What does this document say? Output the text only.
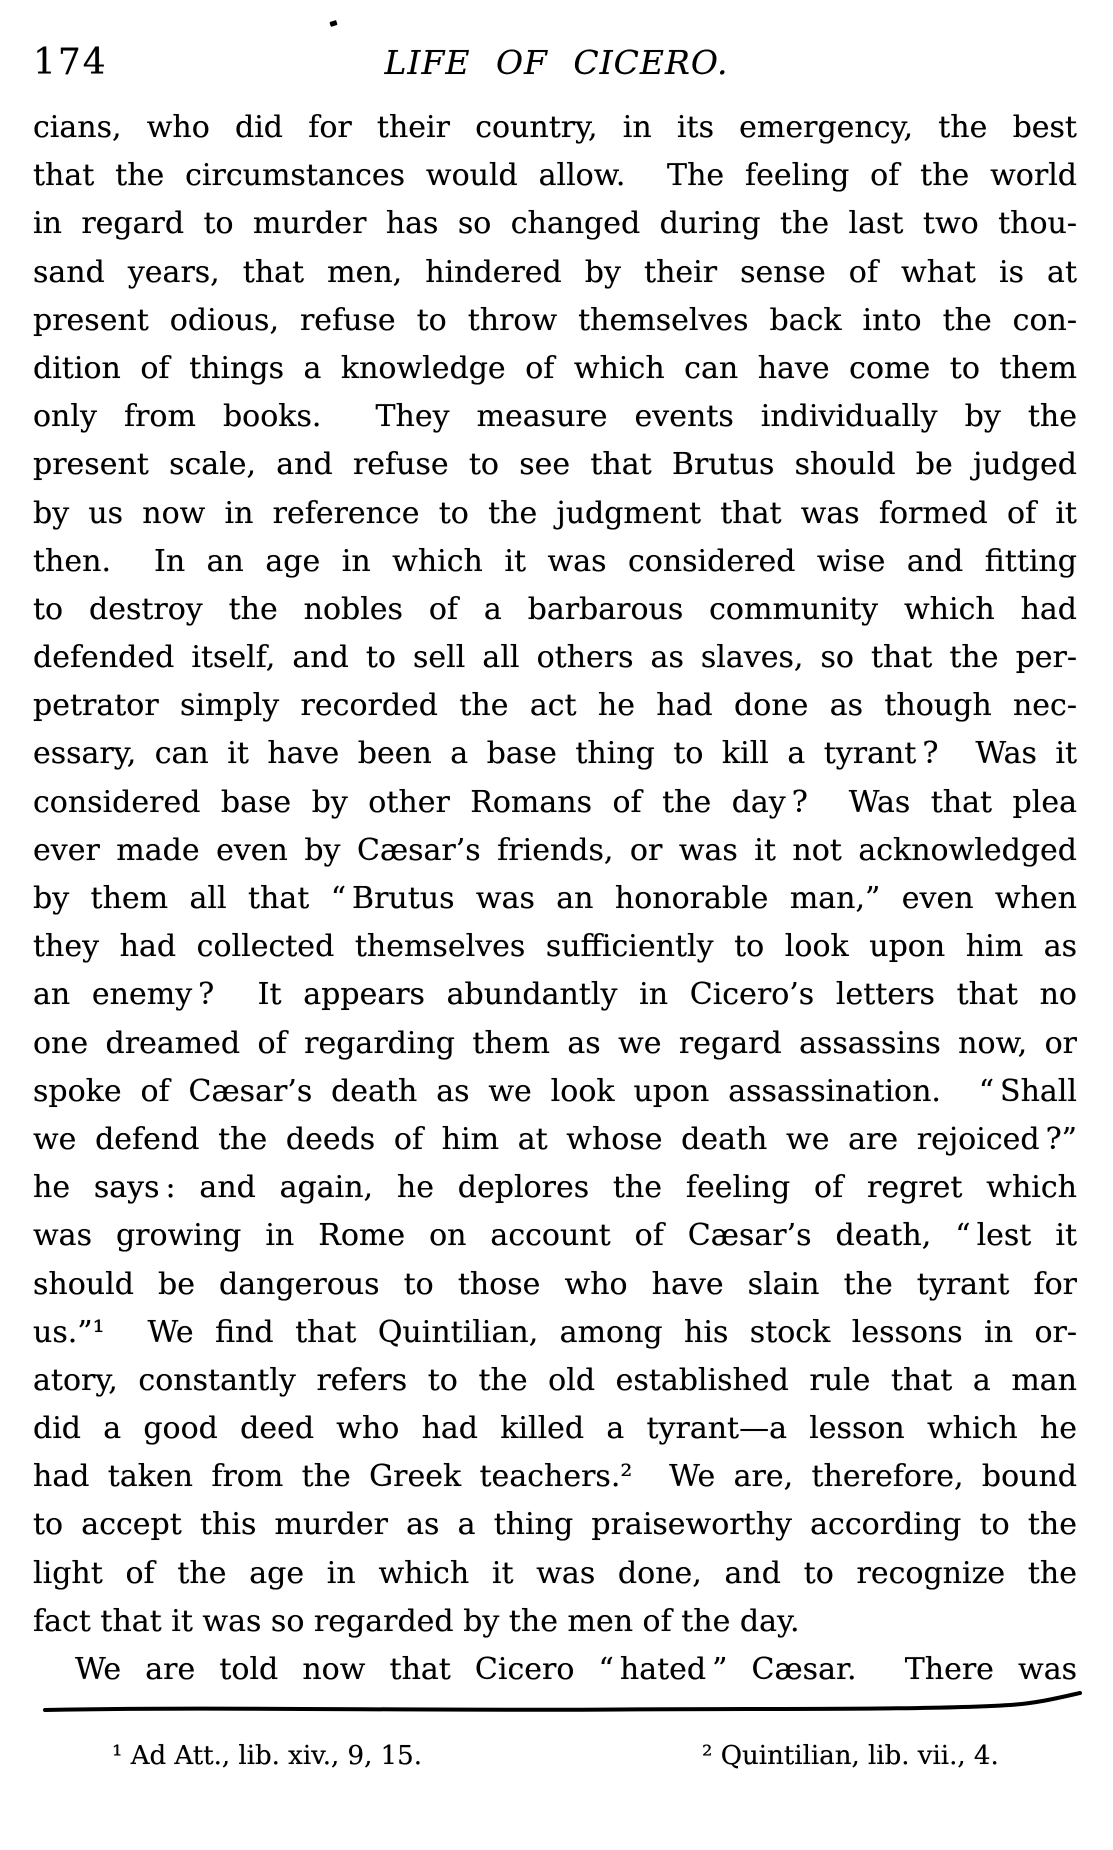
174	LIFE OF CICERO.
cians, who did for their country, in its emergency, the best
that the circumstances would allow.  The feeling of the world
in regard to murder has so changed during the last two thou-
sand years, that men, hindered by their sense of what is at
present odious, refuse to throw themselves back into the con-
dition of things a knowledge of which can have come to them
only from books.  They measure events individually by the
present scale, and refuse to see that Brutus should be judged
by us now in reference to the judgment that was formed of it
then.  In an age in which it was considered wise and fitting
to destroy the nobles of a barbarous community which had
defended itself, and to sell all others as slaves, so that the per-
petrator simply recorded the act he had done as though nec-
essary, can it have been a base thing to kill a tyrant ?  Was it
considered base by other Romans of the day ?  Was that plea
ever made even by Cæsar’s friends, or was it not acknowledged
by them all that “ Brutus was an honorable man,” even when
they had collected themselves sufficiently to look upon him as
an enemy ?  It appears abundantly in Cicero’s letters that no
one dreamed of regarding them as we regard assassins now, or
spoke of Cæsar’s death as we look upon assassination.  “ Shall
we defend the deeds of him at whose death we are rejoiced ?”
he says : and again, he deplores the feeling of regret which
was growing in Rome on account of Cæsar’s death, “ lest it
should be dangerous to those who have slain the tyrant for
us.”¹  We find that Quintilian, among his stock lessons in or-
atory, constantly refers to the old established rule that a man
did a good deed who had killed a tyrant—a lesson which he
had taken from the Greek teachers.²  We are, therefore, bound
to accept this murder as a thing praiseworthy according to the
light of the age in which it was done, and to recognize the
fact that it was so regarded by the men of the day.
We are told now that Cicero “ hated ” Cæsar.  There was
¹ Ad Att., lib. xiv., 9, 15.	² Quintilian, lib. vii., 4.
